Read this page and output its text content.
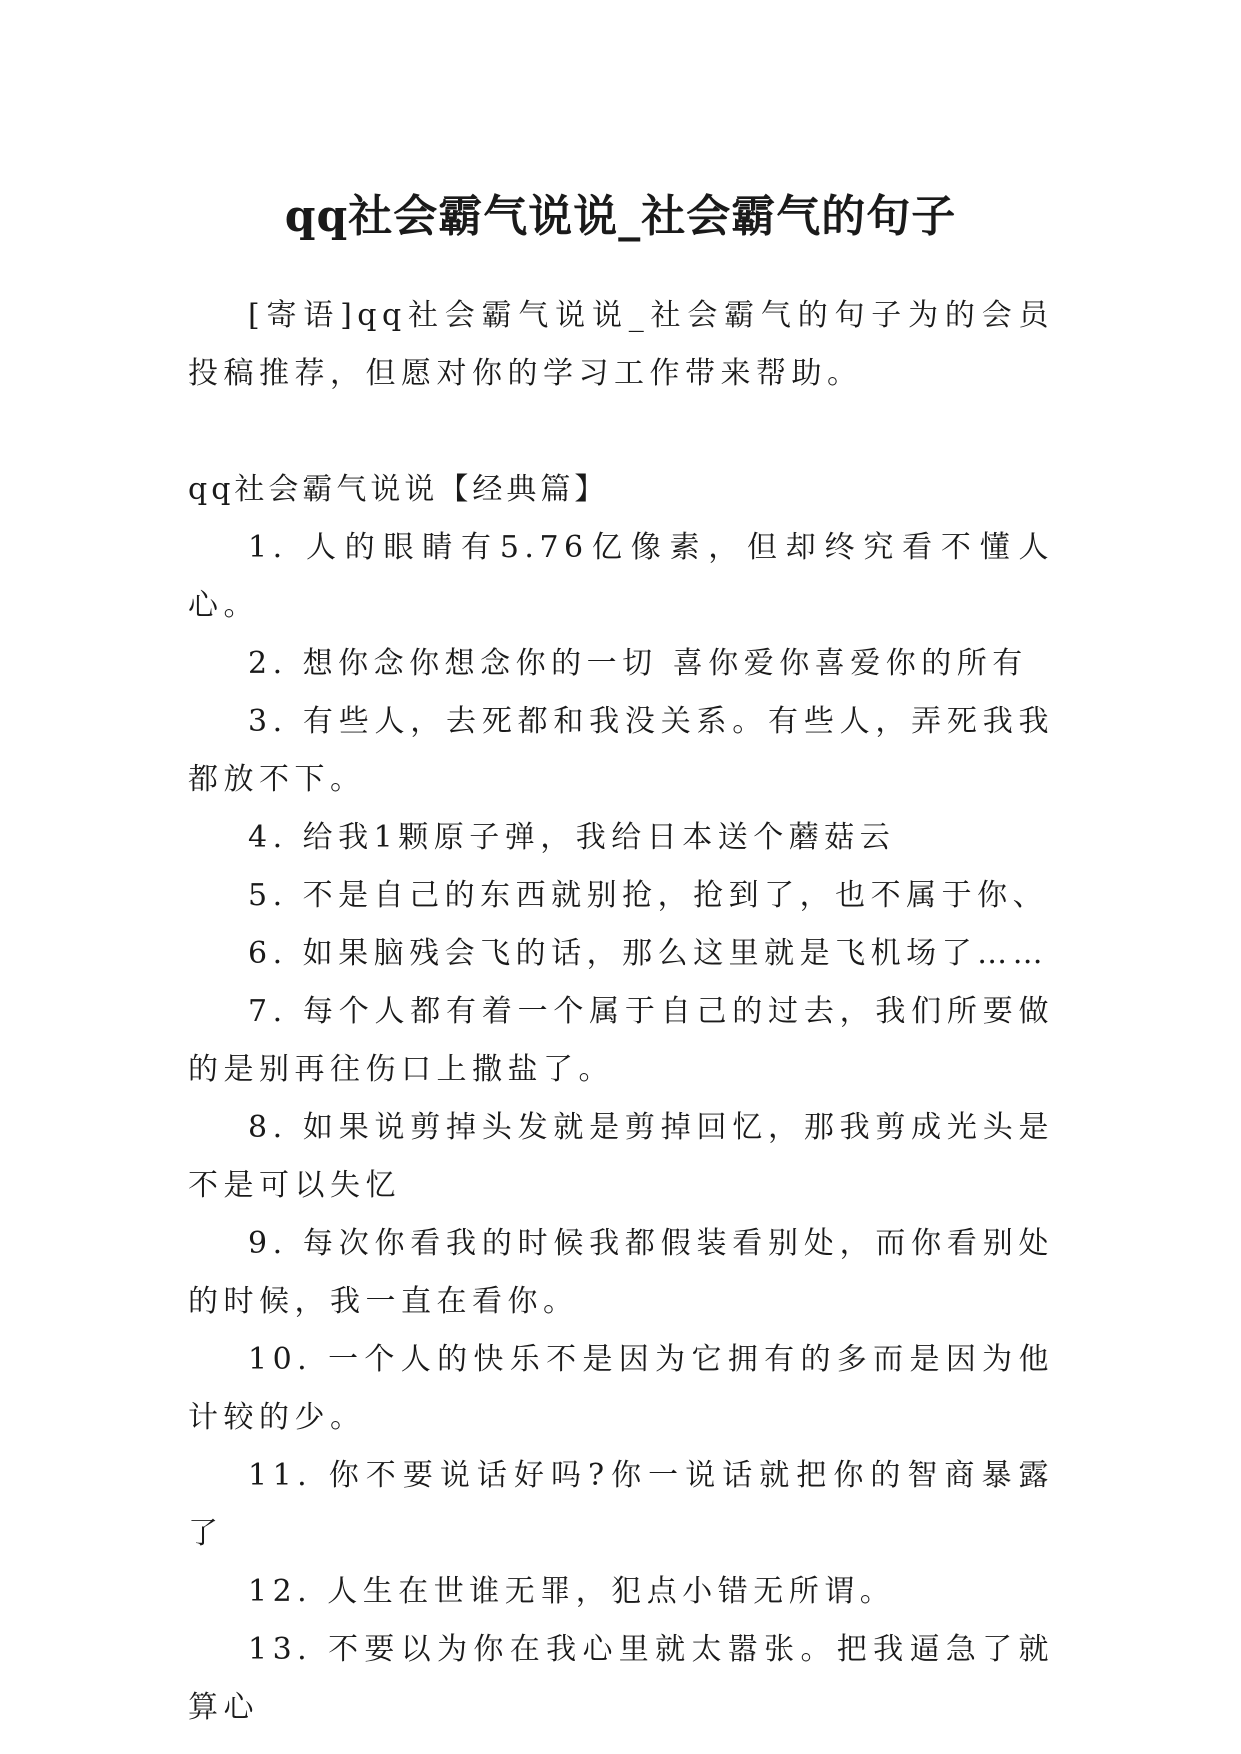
qq社会霸气说说_社会霸气的句子

[寄语]qq社会霸气说说_社会霸气的句子为的会员投稿推荐，但愿对你的学习工作带来帮助。

qq社会霸气说说【经典篇】

1. 人的眼睛有5.76亿像素，但却终究看不懂人心。

2. 想你念你想念你的一切 喜你爱你喜爱你的所有

3. 有些人，去死都和我没关系。有些人，弄死我我都放不下。

4. 给我1颗原子弹，我给日本送个蘑菇云

5. 不是自己的东西就别抢，抢到了，也不属于你、

6. 如果脑残会飞的话，那么这里就是飞机场了……

7. 每个人都有着一个属于自己的过去，我们所要做的是别再往伤口上撒盐了。

8. 如果说剪掉头发就是剪掉回忆，那我剪成光头是不是可以失忆

9. 每次你看我的时候我都假装看别处，而你看别处的时候，我一直在看你。

10. 一个人的快乐不是因为它拥有的多而是因为他计较的少。

11. 你不要说话好吗?你一说话就把你的智商暴露了

12. 人生在世谁无罪，犯点小错无所谓。

13. 不要以为你在我心里就太嚣张。把我逼急了就算心
